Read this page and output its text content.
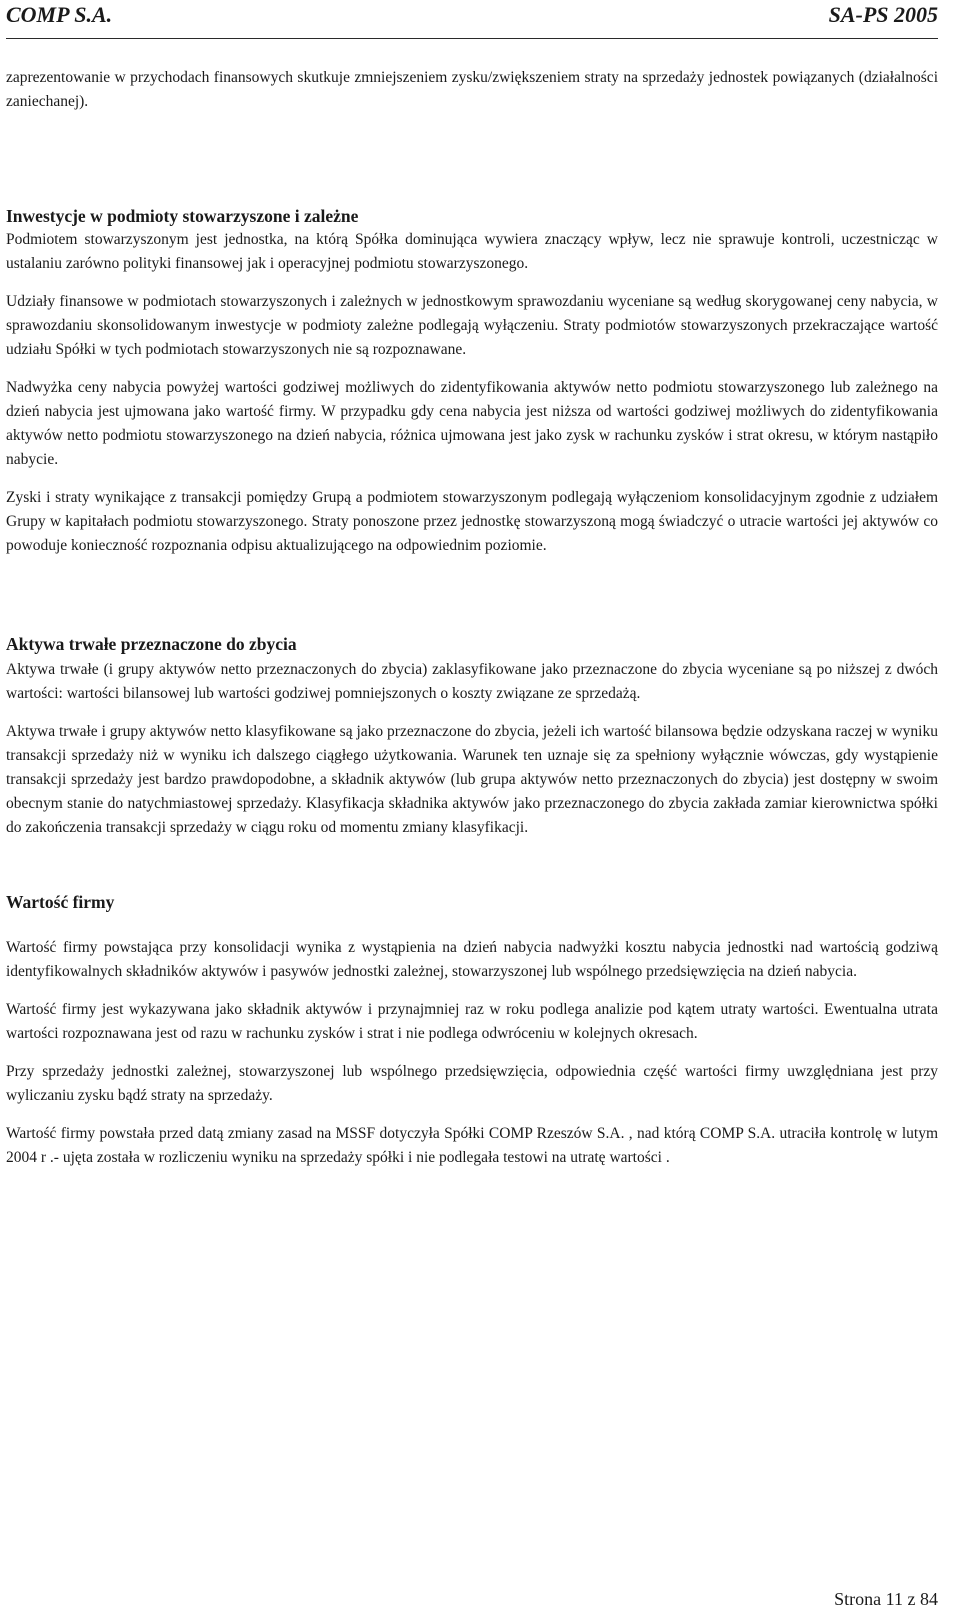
COMP S.A.	SA-PS 2005

zaprezentowanie w przychodach finansowych skutkuje zmniejszeniem zysku/zwiększeniem straty na sprzedaży jednostek powiązanych (działalności zaniechanej).

Inwestycje w podmioty stowarzyszone i zależne

Podmiotem stowarzyszonym jest jednostka, na którą Spółka dominująca wywiera znaczący wpływ, lecz nie sprawuje kontroli, uczestnicząc w ustalaniu zarówno polityki finansowej jak i operacyjnej podmiotu stowarzyszonego.

Udziały finansowe w podmiotach stowarzyszonych i zależnych w jednostkowym sprawozdaniu wyceniane są według skorygowanej ceny nabycia, w sprawozdaniu skonsolidowanym inwestycje w podmioty zależne podlegają wyłączeniu. Straty podmiotów stowarzyszonych przekraczające wartość udziału Spółki w tych podmiotach stowarzyszonych nie są rozpoznawane.

Nadwyżka ceny nabycia powyżej wartości godziwej możliwych do zidentyfikowania aktywów netto podmiotu stowarzyszonego lub zależnego na dzień nabycia jest ujmowana jako wartość firmy. W przypadku gdy cena nabycia jest niższa od wartości godziwej możliwych do zidentyfikowania aktywów netto podmiotu stowarzyszonego na dzień nabycia, różnica ujmowana jest jako zysk w rachunku zysków i strat okresu, w którym nastąpiło nabycie.

Zyski i straty wynikające z transakcji pomiędzy Grupą a podmiotem stowarzyszonym podlegają wyłączeniom konsolidacyjnym zgodnie z udziałem Grupy w kapitałach podmiotu stowarzyszonego. Straty ponoszone przez jednostkę stowarzyszoną mogą świadczyć o utracie wartości jej aktywów co powoduje konieczność rozpoznania odpisu aktualizującego na odpowiednim poziomie.

Aktywa trwałe przeznaczone do zbycia

Aktywa trwałe (i grupy aktywów netto przeznaczonych do zbycia) zaklasyfikowane jako przeznaczone do zbycia wyceniane są po niższej z dwóch wartości: wartości bilansowej lub wartości godziwej pomniejszonych o koszty związane ze sprzedażą.

Aktywa trwałe i grupy aktywów netto klasyfikowane są jako przeznaczone do zbycia, jeżeli ich wartość bilansowa będzie odzyskana raczej w wyniku transakcji sprzedaży niż w wyniku ich dalszego ciągłego użytkowania. Warunek ten uznaje się za spełniony wyłącznie wówczas, gdy wystąpienie transakcji sprzedaży jest bardzo prawdopodobne, a składnik aktywów (lub grupa aktywów netto przeznaczonych do zbycia) jest dostępny w swoim obecnym stanie do natychmiastowej sprzedaży. Klasyfikacja składnika aktywów jako przeznaczonego do zbycia zakłada zamiar kierownictwa spółki do zakończenia transakcji sprzedaży w ciągu roku od momentu zmiany klasyfikacji.

Wartość firmy

Wartość firmy powstająca przy konsolidacji wynika z wystąpienia na dzień nabycia nadwyżki kosztu nabycia jednostki nad wartością godziwą identyfikowalnych składników aktywów i pasywów jednostki zależnej, stowarzyszonej lub wspólnego przedsięwzięcia na dzień nabycia.

Wartość firmy jest wykazywana jako składnik aktywów i przynajmniej raz w roku podlega analizie pod kątem utraty wartości. Ewentualna utrata wartości rozpoznawana jest od razu w rachunku zysków i strat i nie podlega odwróceniu w kolejnych okresach.

Przy sprzedaży jednostki zależnej, stowarzyszonej lub wspólnego przedsięwzięcia, odpowiednia część wartości firmy uwzględniana jest przy wyliczaniu zysku bądź straty na sprzedaży.

Wartość firmy powstała przed datą zmiany zasad na MSSF dotyczyła Spółki COMP Rzeszów S.A. , nad którą COMP S.A. utraciła kontrolę w lutym 2004 r .- ujęta została w rozliczeniu wyniku na sprzedaży spółki i nie podlegała testowi na utratę wartości .

Strona 11 z 84
